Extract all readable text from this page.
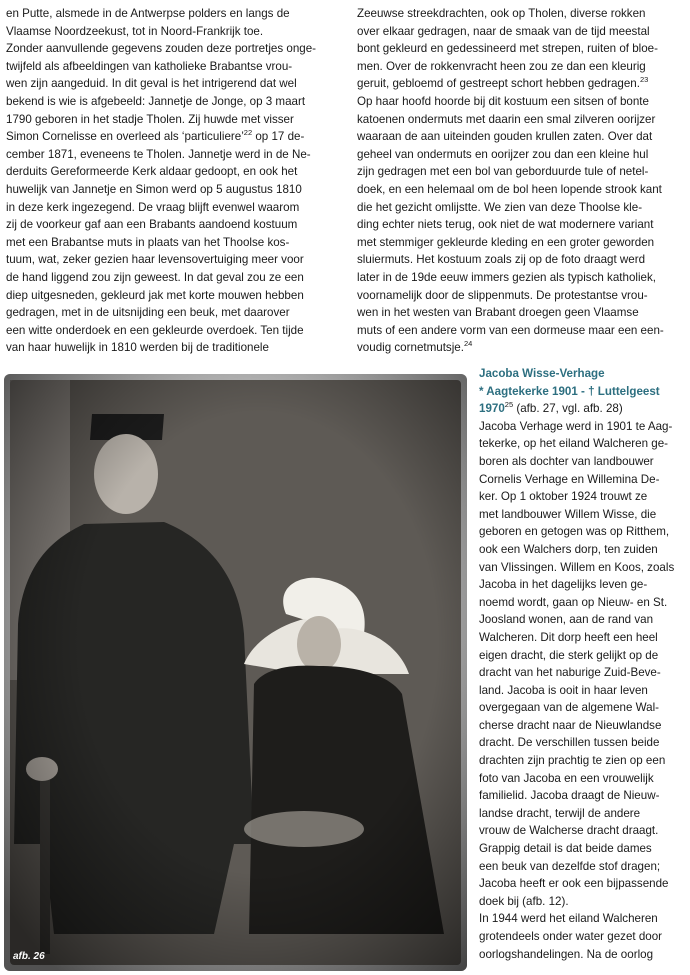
en Putte, alsmede in de Antwerpse polders en langs de

Vlaamse Noordzeekust, tot in Noord-Frankrijk toe.

Zonder aanvullende gegevens zouden deze portretjes onge-

twijfeld als afbeeldingen van katholieke Brabantse vrou-

wen zijn aangeduid. In dit geval is het intrigerend dat wel

bekend is wie is afgebeeld: Jannetje de Jonge, op 3 maart

1790 geboren in het stadje Tholen. Zij huwde met visser

Simon Cornelisse en overleed als ‘particuliere’$^{22}$ op 17 de-

cember 1871, eveneens te Tholen. Jannetje werd in de Ne-

derduits Gereformeerde Kerk aldaar gedoopt, en ook het

huwelijk van Jannetje en Simon werd op 5 augustus 1810

in deze kerk ingezegend. De vraag blijft evenwel waarom

zij de voorkeur gaf aan een Brabants aandoend kostuum

met een Brabantse muts in plaats van het Thoolse kos-

tuum, wat, zeker gezien haar levensovertuiging meer voor

de hand liggend zou zijn geweest. In dat geval zou ze een

diep uitgesneden, gekleurd jak met korte mouwen hebben

gedragen, met in de uitsnijding een beuk, met daarover

een witte onderdoek en een gekleurde overdoek. Ten tijde

van haar huwelijk in 1810 werden bij de traditionele

Zeeuwse streekdrachten, ook op Tholen, diverse rokken

over elkaar gedragen, naar de smaak van de tijd meestal

bont gekleurd en gedessineerd met strepen, ruiten of bloe-

men. Over de rokkenvracht heen zou ze dan een kleurig

geruit, gebloemd of gestreept schort hebben gedragen.$^{23}$

Op haar hoofd hoorde bij dit kostuum een sitsen of bonte

katoenen ondermuts met daarin een smal zilveren oorijzer

waaraan de aan uiteinden gouden krullen zaten. Over dat

geheel van ondermuts en oorijzer zou dan een kleine hul

zijn gedragen met een bol van geborduurde tule of netel-

doek, en een helemaal om de bol heen lopende strook kant

die het gezicht omlijstte. We zien van deze Thoolse kle-

ding echter niets terug, ook niet de wat modernere variant

met stemmiger gekleurde kleding en een groter geworden

sluiermuts. Het kostuum zoals zij op de foto draagt werd

later in de 19de eeuw immers gezien als typisch katholiek,

voornamelijk door de slippenmuts. De protestantse vrou-

wen in het westen van Brabant droegen geen Vlaamse

muts of een andere vorm van een dormeuse maar een een-

voudig cornetmutsje.$^{24}$

afb. 26

Jacoba Wisse-Verhage

* Aagtekerke 1901 - † Luttelgeest

1970$^{25}$ (afb. 27, vgl. afb. 28)

Jacoba Verhage werd in 1901 te Aag-

tekerke, op het eiland Walcheren ge-

boren als dochter van landbouwer

Cornelis Verhage en Willemina De-

ker. Op 1 oktober 1924 trouwt ze

met landbouwer Willem Wisse, die

geboren en getogen was op Ritthem,

ook een Walchers dorp, ten zuiden

van Vlissingen. Willem en Koos, zoals

Jacoba in het dagelijks leven ge-

noemd wordt, gaan op Nieuw- en St.

Joosland wonen, aan de rand van

Walcheren. Dit dorp heeft een heel

eigen dracht, die sterk gelijkt op de

dracht van het naburige Zuid-Beve-

land. Jacoba is ooit in haar leven

overgegaan van de algemene Wal-

cherse dracht naar de Nieuwlandse

dracht. De verschillen tussen beide

drachten zijn prachtig te zien op een

foto van Jacoba en een vrouwelijk

familielid. Jacoba draagt de Nieuw-

landse dracht, terwijl de andere

vrouw de Walcherse dracht draagt.

Grappig detail is dat beide dames

een beuk van dezelfde stof dragen;

Jacoba heeft er ook een bijpassende

doek bij (afb. 12).

In 1944 werd het eiland Walcheren

grotendeels onder water gezet door

oorlogshandelingen. Na de oorlog
